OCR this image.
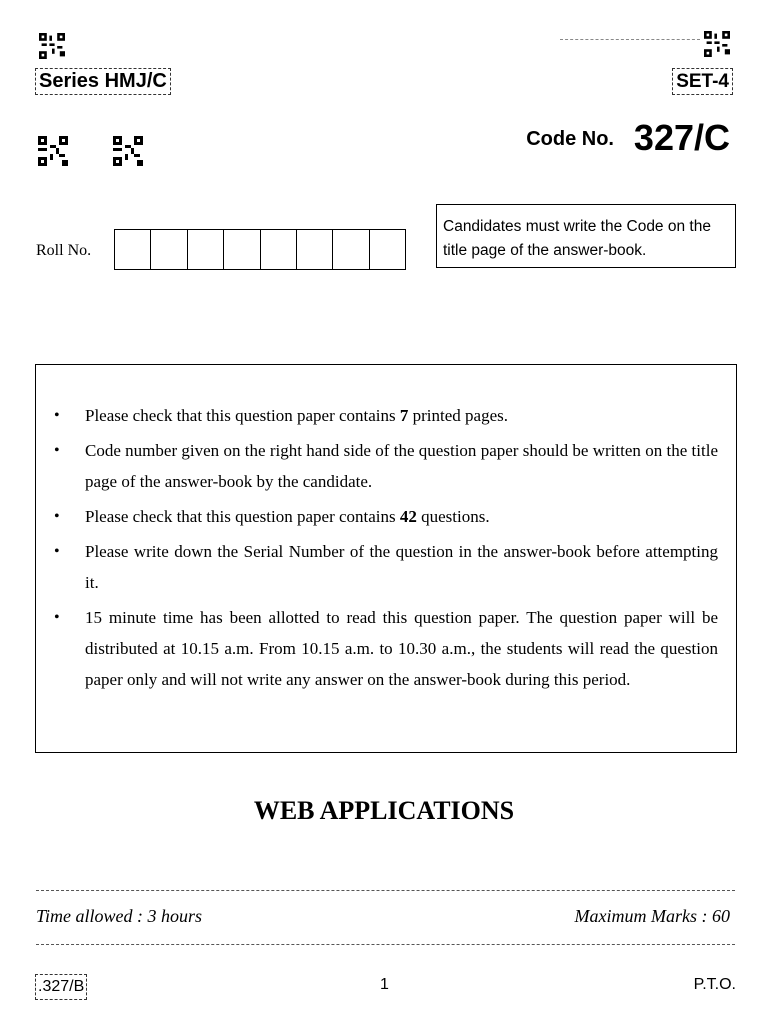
Series HMJ/C	SET-4
Code No. 327/C
Roll No.
Candidates must write the Code on the title page of the answer-book.
• Please check that this question paper contains 7 printed pages.
• Code number given on the right hand side of the question paper should be written on the title page of the answer-book by the candidate.
• Please check that this question paper contains 42 questions.
• Please write down the Serial Number of the question in the answer-book before attempting it.
• 15 minute time has been allotted to read this question paper. The question paper will be distributed at 10.15 a.m. From 10.15 a.m. to 10.30 a.m., the students will read the question paper only and will not write any answer on the answer-book during this period.
WEB APPLICATIONS
Time allowed : 3 hours	Maximum Marks : 60
.327/B	1	P.T.O.
